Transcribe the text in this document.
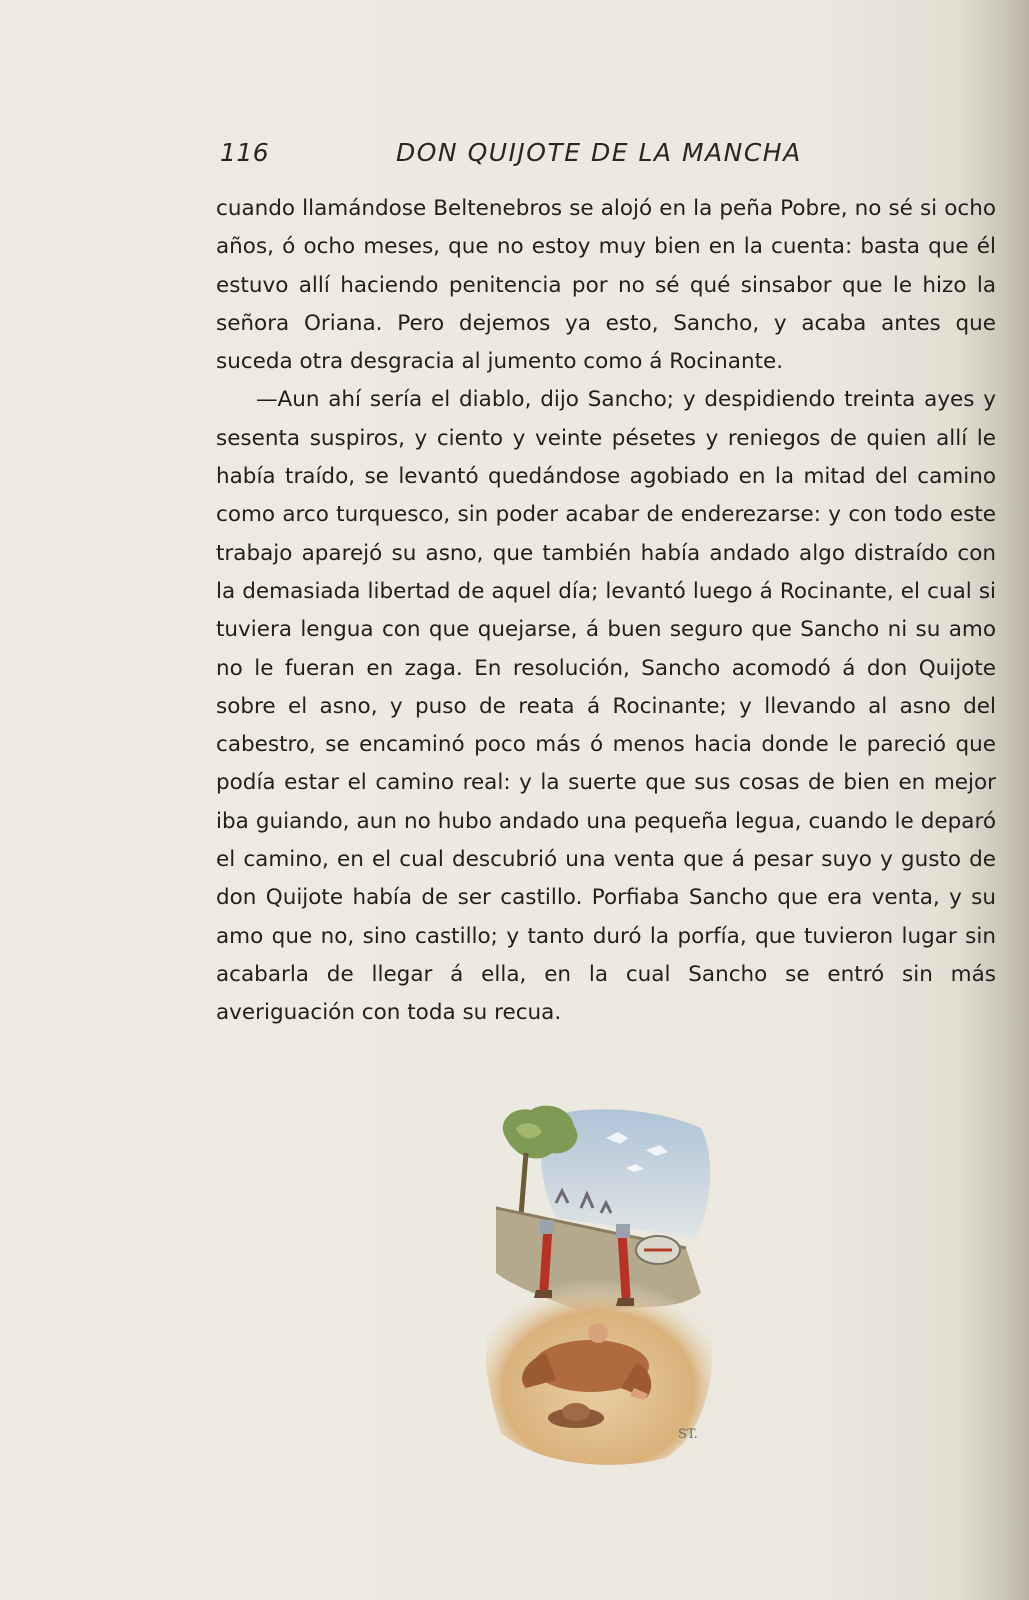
116	DON QUIJOTE DE LA MANCHA

cuando llamándose Beltenebros se alojó en la peña Pobre, no sé si ocho años, ó ocho meses, que no estoy muy bien en la cuenta: basta que él estuvo allí haciendo penitencia por no sé qué sinsabor que le hizo la señora Oriana. Pero dejemos ya esto, Sancho, y acaba antes que suceda otra desgracia al jumento como á Rocinante.

—Aun ahí sería el diablo, dijo Sancho; y despidiendo treinta ayes y sesenta suspiros, y ciento y veinte pésetes y reniegos de quien allí le había traído, se levantó quedándose agobiado en la mitad del camino como arco turquesco, sin poder acabar de enderezarse: y con todo este trabajo aparejó su asno, que también había andado algo distraído con la demasiada libertad de aquel día; levantó luego á Rocinante, el cual si tuviera lengua con que quejarse, á buen seguro que Sancho ni su amo no le fueran en zaga. En resolución, Sancho acomodó á don Quijote sobre el asno, y puso de reata á Rocinante; y llevando al asno del cabestro, se encaminó poco más ó menos hacia donde le pareció que podía estar el camino real: y la suerte que sus cosas de bien en mejor iba guiando, aun no hubo andado una pequeña legua, cuando le deparó el camino, en el cual descubrió una venta que á pesar suyo y gusto de don Quijote había de ser castillo. Porfiaba Sancho que era venta, y su amo que no, sino castillo; y tanto duró la porfía, que tuvieron lugar sin acabarla de llegar á ella, en la cual Sancho se entró sin más averiguación con toda su recua.

ST.
